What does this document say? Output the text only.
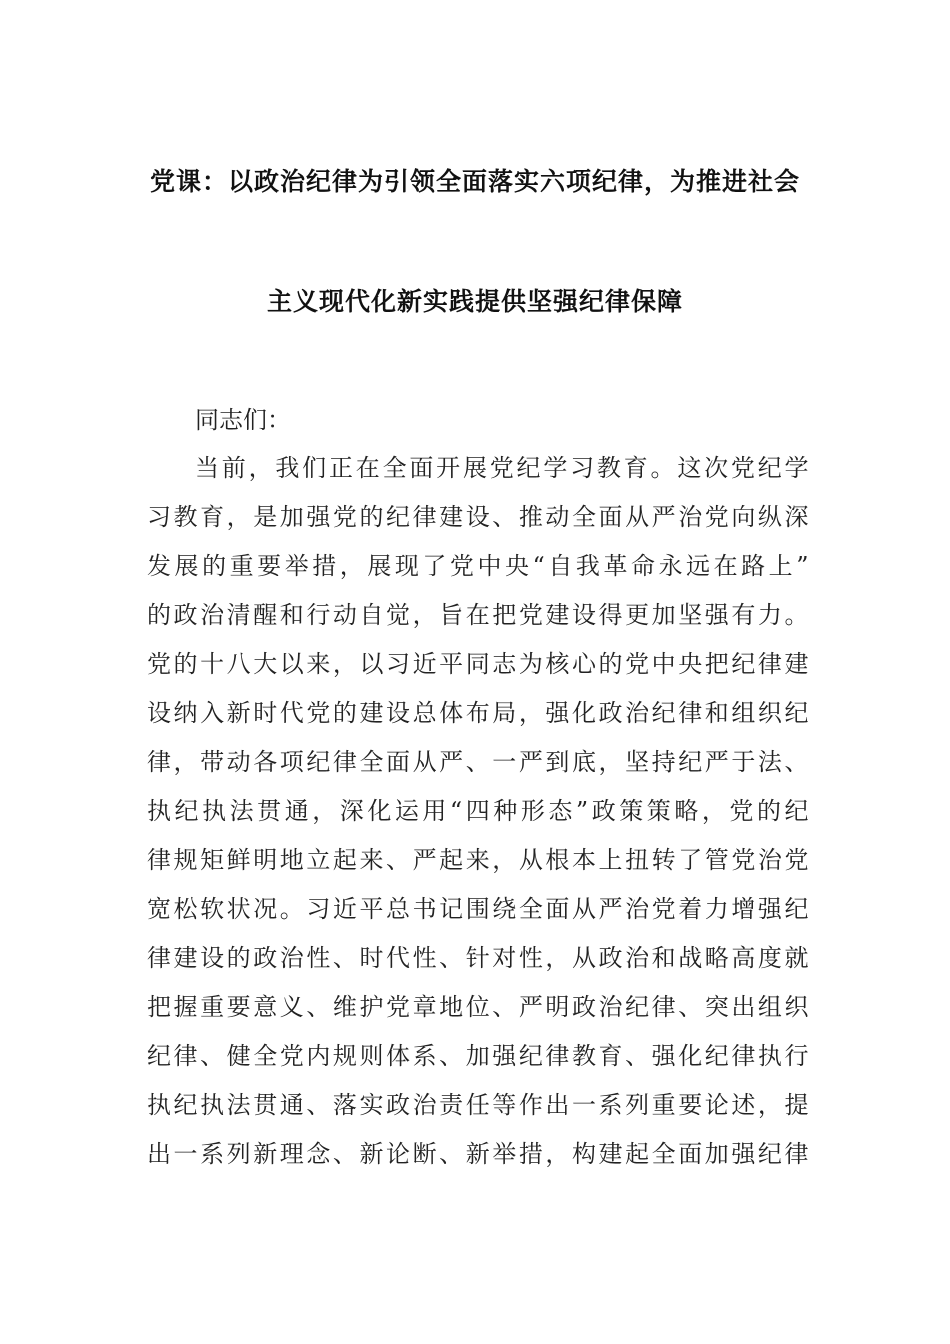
党课：以政治纪律为引领全面落实六项纪律，为推进社会
主义现代化新实践提供坚强纪律保障
同志们：
当前，我们正在全面开展党纪学习教育。这次党纪学
习教育，是加强党的纪律建设、推动全面从严治党向纵深
发展的重要举措，展现了党中央“自我革命永远在路上”
的政治清醒和行动自觉，旨在把党建设得更加坚强有力。
党的十八大以来，以习近平同志为核心的党中央把纪律建
设纳入新时代党的建设总体布局，强化政治纪律和组织纪
律，带动各项纪律全面从严、一严到底，坚持纪严于法、
执纪执法贯通，深化运用“四种形态”政策策略，党的纪
律规矩鲜明地立起来、严起来，从根本上扭转了管党治党
宽松软状况。习近平总书记围绕全面从严治党着力增强纪
律建设的政治性、时代性、针对性，从政治和战略高度就
把握重要意义、维护党章地位、严明政治纪律、突出组织
纪律、健全党内规则体系、加强纪律教育、强化纪律执行
执纪执法贯通、落实政治责任等作出一系列重要论述，提
出一系列新理念、新论断、新举措，构建起全面加强纪律
